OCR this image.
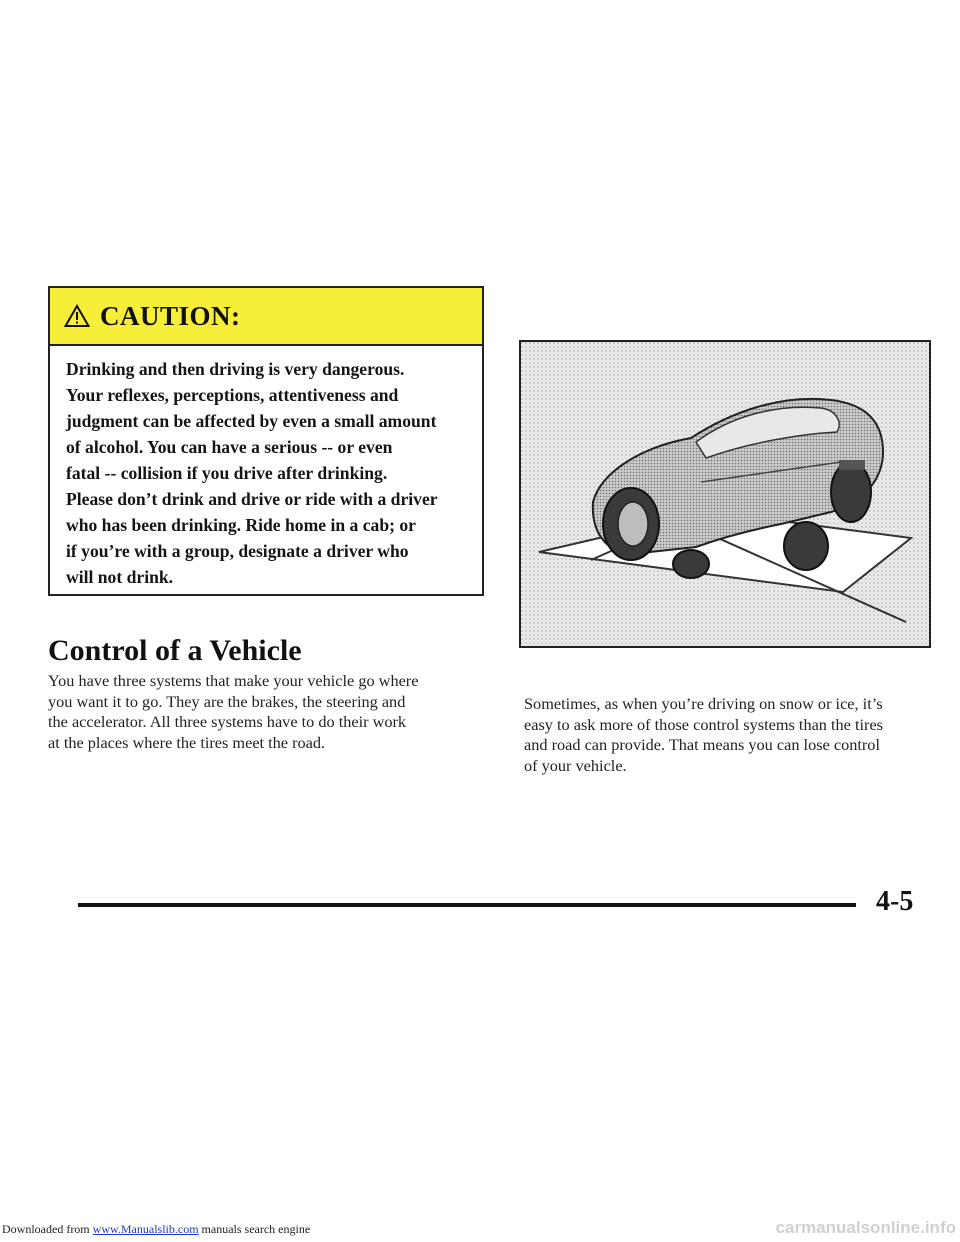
CAUTION:
Drinking and then driving is very dangerous.
Your reflexes, perceptions, attentiveness and
judgment can be affected by even a small amount
of alcohol. You can have a serious -- or even
fatal -- collision if you drive after drinking.
Please don’t drink and drive or ride with a driver
who has been drinking. Ride home in a cab; or
if you’re with a group, designate a driver who
will not drink.
Control of a Vehicle
You have three systems that make your vehicle go where
you want it to go. They are the brakes, the steering and
the accelerator. All three systems have to do their work
at the places where the tires meet the road.
Sometimes, as when you’re driving on snow or ice, it’s
easy to ask more of those control systems than the tires
and road can provide. That means you can lose control
of your vehicle.

4-5

Downloaded from www.Manualslib.com manuals search engine	carmanualsonline.info
